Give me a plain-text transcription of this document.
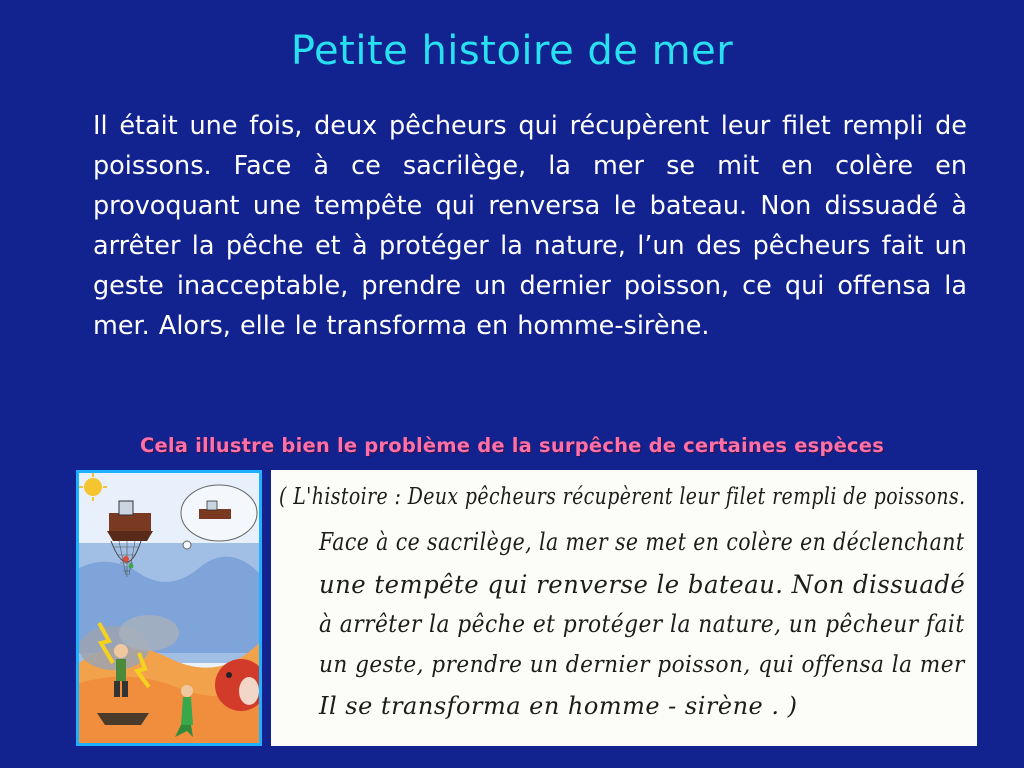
Petite histoire de mer

Il était une fois, deux pêcheurs qui récupèrent leur filet rempli de poissons. Face à ce sacrilège, la mer se mit en colère en provoquant une tempête qui renversa le bateau. Non dissuadé à arrêter la pêche et à protéger la nature, l’un des pêcheurs fait un geste inacceptable, prendre un dernier poisson, ce qui offensa la mer. Alors, elle le transforma en homme-sirène.

Cela illustre bien le problème de la surpêche de certaines espèces
( L'histoire : Deux pêcheurs récupèrent leur filet rempli de poissons.
Face à ce sacrilège, la mer se met en colère en déclenchant
une tempête qui renverse le bateau. Non dissuadé
à arrêter la pêche et protéger la nature, un pêcheur fait
un geste, prendre un dernier poisson, qui offensa la mer
Il se transforma en homme - sirène . )
